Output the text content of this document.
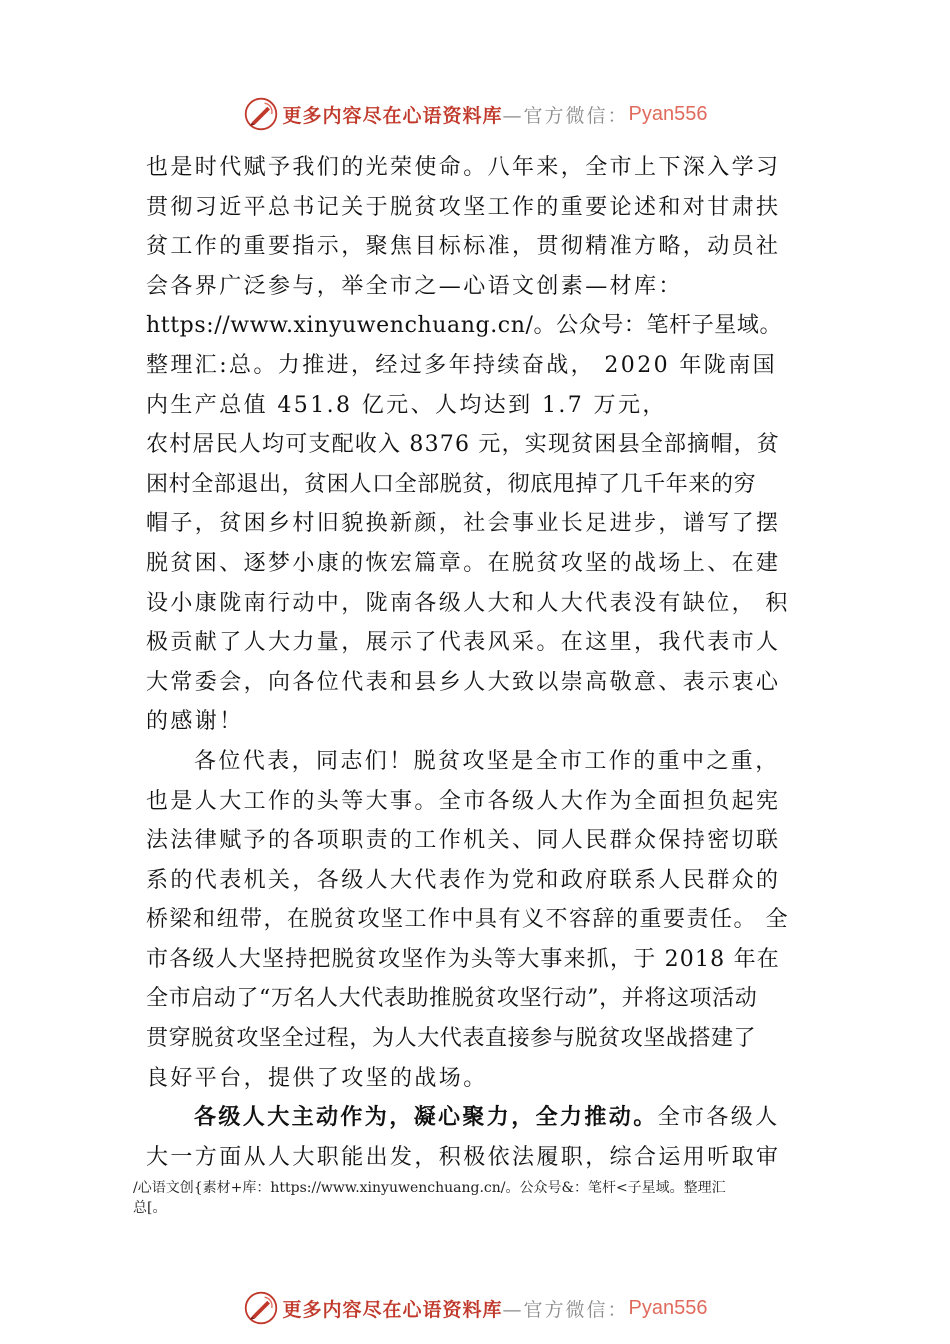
更多内容尽在心语资料库 —官方微信： Pyan556
也是时代赋予我们的光荣使命。八年来，全市上下深入学习
贯彻习近平总书记关于脱贫攻坚工作的重要论述和对甘肃扶
贫工作的重要指示，聚焦目标标准，贯彻精准方略，动员社
会各界广泛参与，举全市之—心语文创素—材库：
https://www.xinyuwenchuang.cn/。公众号：笔杆子星域。
整理汇:总。力推进，经过多年持续奋战， 2020 年陇南国
内生产总值 451.8 亿元、人均达到 1.7 万元，
农村居民人均可支配收入 8376 元，实现贫困县全部摘帽，贫
困村全部退出，贫困人口全部脱贫，彻底甩掉了几千年来的穷
帽子，贫困乡村旧貌换新颜，社会事业长足进步，谱写了摆
脱贫困、逐梦小康的恢宏篇章。在脱贫攻坚的战场上、在建
设小康陇南行动中，陇南各级人大和人大代表没有缺位， 积
极贡献了人大力量，展示了代表风采。在这里，我代表市人
大常委会，向各位代表和县乡人大致以崇高敬意、表示衷心
的感谢！
各位代表，同志们！脱贫攻坚是全市工作的重中之重，
也是人大工作的头等大事。全市各级人大作为全面担负起宪
法法律赋予的各项职责的工作机关、同人民群众保持密切联
系的代表机关，各级人大代表作为党和政府联系人民群众的
桥梁和纽带，在脱贫攻坚工作中具有义不容辞的重要责任。 全
市各级人大坚持把脱贫攻坚作为头等大事来抓，于 2018 年在
全市启动了“万名人大代表助推脱贫攻坚行动”，并将这项活动
贯穿脱贫攻坚全过程，为人大代表直接参与脱贫攻坚战搭建了
良好平台，提供了攻坚的战场。
各级人大主动作为，凝心聚力，全力推动。全市各级人
大一方面从人大职能出发，积极依法履职，综合运用听取审
/心语文创{素材+库：https://www.xinyuwenchuang.cn/。公众号&：笔杆<子星域。整理汇
总[。
更多内容尽在心语资料库 —官方微信： Pyan556
